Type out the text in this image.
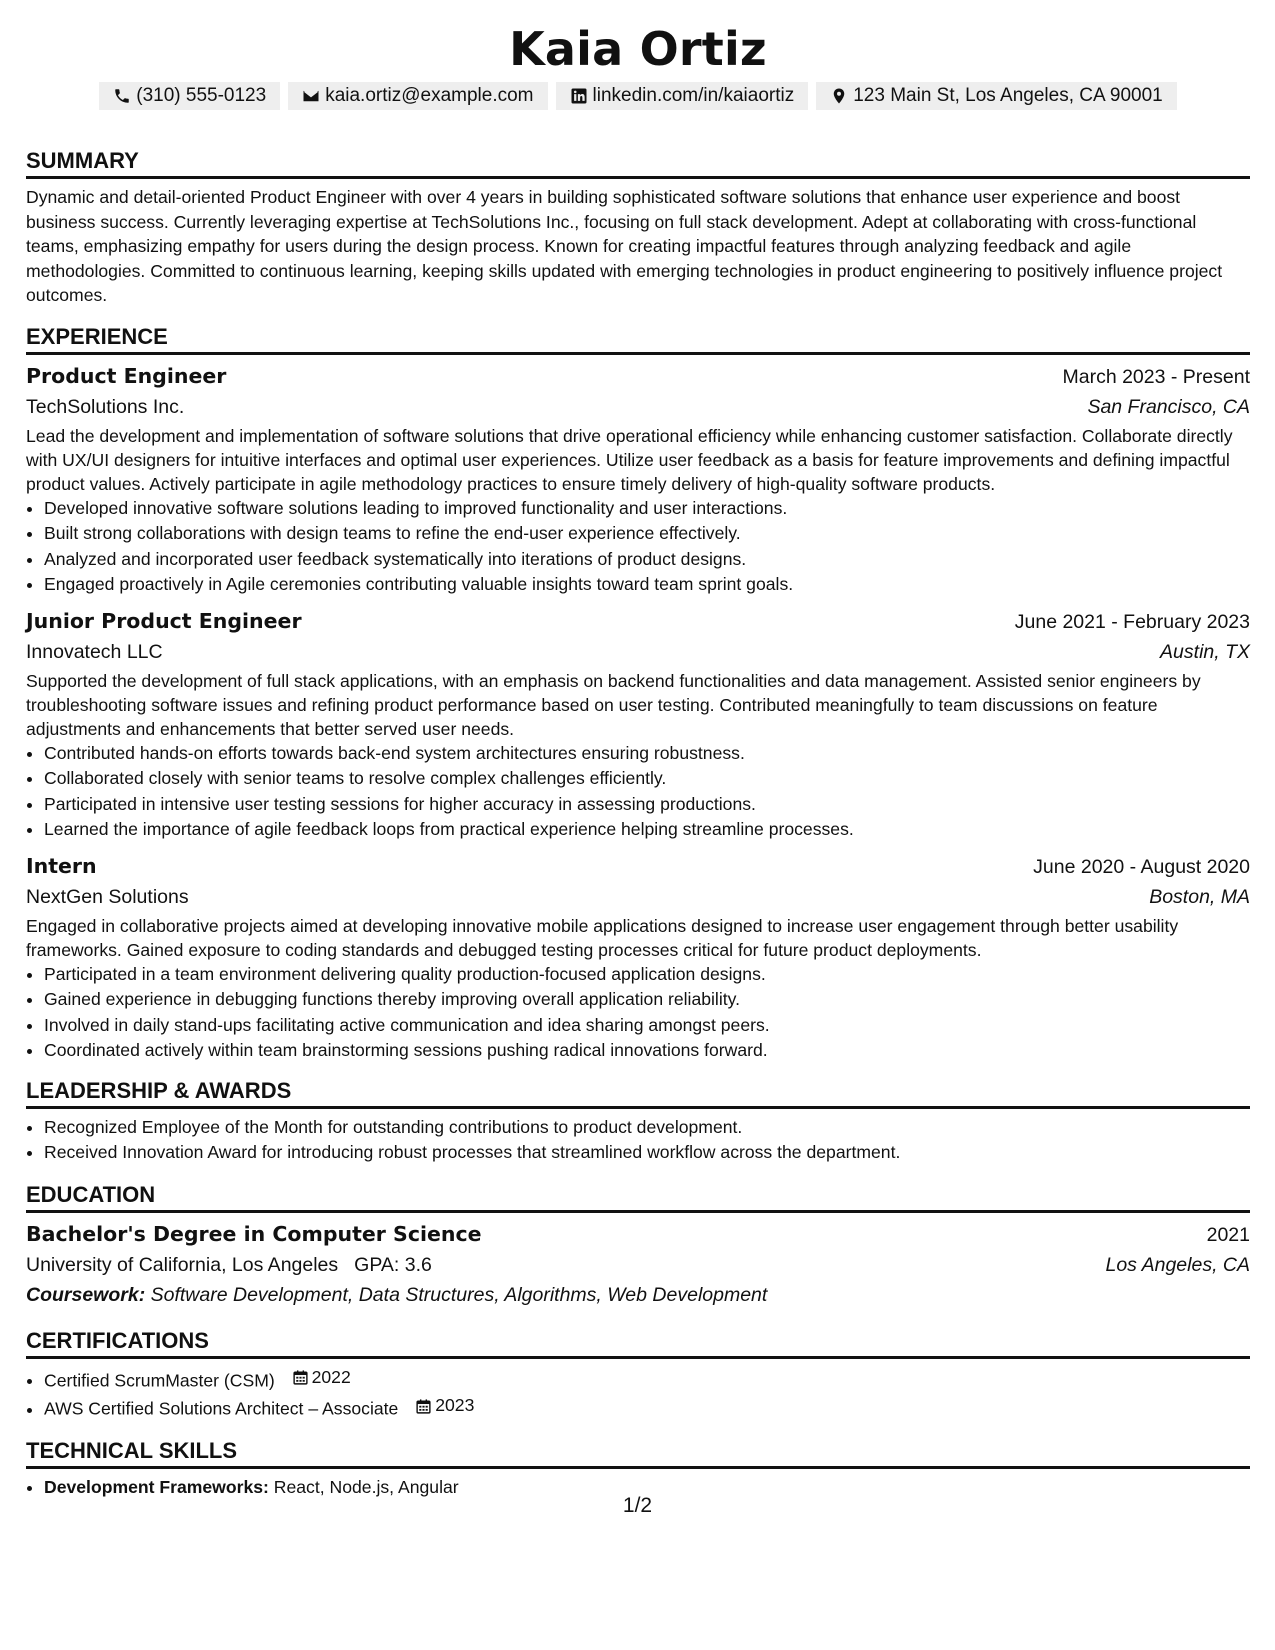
Kaia Ortiz
(310) 555-0123	kaia.ortiz@example.com	linkedin.com/in/kaiaortiz	123 Main St, Los Angeles, CA 90001
SUMMARY
Dynamic and detail-oriented Product Engineer with over 4 years in building sophisticated software solutions that enhance user experience and boost business success. Currently leveraging expertise at TechSolutions Inc., focusing on full stack development. Adept at collaborating with cross-functional teams, emphasizing empathy for users during the design process. Known for creating impactful features through analyzing feedback and agile methodologies. Committed to continuous learning, keeping skills updated with emerging technologies in product engineering to positively influence project outcomes.
EXPERIENCE
Product Engineer	March 2023 - Present
TechSolutions Inc.	San Francisco, CA
Lead the development and implementation of software solutions that drive operational efficiency while enhancing customer satisfaction. Collaborate directly with UX/UI designers for intuitive interfaces and optimal user experiences. Utilize user feedback as a basis for feature improvements and defining impactful product values. Actively participate in agile methodology practices to ensure timely delivery of high-quality software products.
• Developed innovative software solutions leading to improved functionality and user interactions.
• Built strong collaborations with design teams to refine the end-user experience effectively.
• Analyzed and incorporated user feedback systematically into iterations of product designs.
• Engaged proactively in Agile ceremonies contributing valuable insights toward team sprint goals.
Junior Product Engineer	June 2021 - February 2023
Innovatech LLC	Austin, TX
Supported the development of full stack applications, with an emphasis on backend functionalities and data management. Assisted senior engineers by troubleshooting software issues and refining product performance based on user testing. Contributed meaningfully to team discussions on feature adjustments and enhancements that better served user needs.
• Contributed hands-on efforts towards back-end system architectures ensuring robustness.
• Collaborated closely with senior teams to resolve complex challenges efficiently.
• Participated in intensive user testing sessions for higher accuracy in assessing productions.
• Learned the importance of agile feedback loops from practical experience helping streamline processes.
Intern	June 2020 - August 2020
NextGen Solutions	Boston, MA
Engaged in collaborative projects aimed at developing innovative mobile applications designed to increase user engagement through better usability frameworks. Gained exposure to coding standards and debugged testing processes critical for future product deployments.
• Participated in a team environment delivering quality production-focused application designs.
• Gained experience in debugging functions thereby improving overall application reliability.
• Involved in daily stand-ups facilitating active communication and idea sharing amongst peers.
• Coordinated actively within team brainstorming sessions pushing radical innovations forward.
LEADERSHIP & AWARDS
• Recognized Employee of the Month for outstanding contributions to product development.
• Received Innovation Award for introducing robust processes that streamlined workflow across the department.
EDUCATION
Bachelor's Degree in Computer Science	2021
University of California, Los Angeles GPA: 3.6	Los Angeles, CA
Coursework: Software Development, Data Structures, Algorithms, Web Development
CERTIFICATIONS
• Certified ScrumMaster (CSM) 2022
• AWS Certified Solutions Architect – Associate 2023
TECHNICAL SKILLS
• Development Frameworks: React, Node.js, Angular
1/2
